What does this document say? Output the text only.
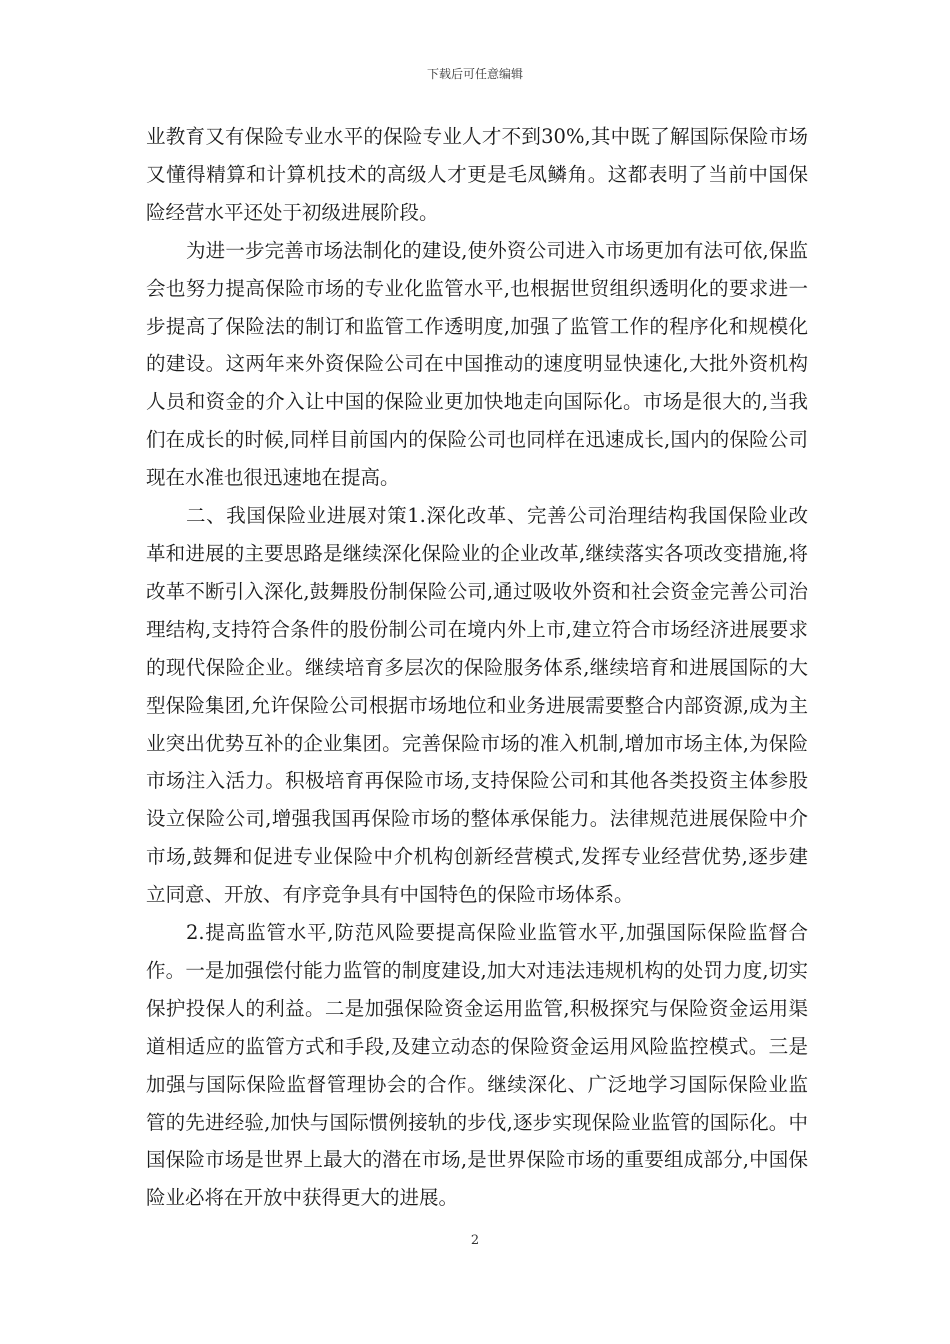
下载后可任意编辑

业教育又有保险专业水平的保险专业人才不到30%,其中既了解国际保险市场又懂得精算和计算机技术的高级人才更是毛凤鳞角。这都表明了当前中国保险经营水平还处于初级进展阶段。

为进一步完善市场法制化的建设,使外资公司进入市场更加有法可依,保监会也努力提高保险市场的专业化监管水平,也根据世贸组织透明化的要求进一步提高了保险法的制订和监管工作透明度,加强了监管工作的程序化和规模化的建设。这两年来外资保险公司在中国推动的速度明显快速化,大批外资机构人员和资金的介入让中国的保险业更加快地走向国际化。市场是很大的,当我们在成长的时候,同样目前国内的保险公司也同样在迅速成长,国内的保险公司现在水准也很迅速地在提高。

二、我国保险业进展对策1.深化改革、完善公司治理结构我国保险业改革和进展的主要思路是继续深化保险业的企业改革,继续落实各项改变措施,将改革不断引入深化,鼓舞股份制保险公司,通过吸收外资和社会资金完善公司治理结构,支持符合条件的股份制公司在境内外上市,建立符合市场经济进展要求的现代保险企业。继续培育多层次的保险服务体系,继续培育和进展国际的大型保险集团,允许保险公司根据市场地位和业务进展需要整合内部资源,成为主业突出优势互补的企业集团。完善保险市场的准入机制,增加市场主体,为保险市场注入活力。积极培育再保险市场,支持保险公司和其他各类投资主体参股设立保险公司,增强我国再保险市场的整体承保能力。法律规范进展保险中介市场,鼓舞和促进专业保险中介机构创新经营模式,发挥专业经营优势,逐步建立同意、开放、有序竞争具有中国特色的保险市场体系。

2.提高监管水平,防范风险要提高保险业监管水平,加强国际保险监督合作。一是加强偿付能力监管的制度建设,加大对违法违规机构的处罚力度,切实保护投保人的利益。二是加强保险资金运用监管,积极探究与保险资金运用渠道相适应的监管方式和手段,及建立动态的保险资金运用风险监控模式。三是加强与国际保险监督管理协会的合作。继续深化、广泛地学习国际保险业监管的先进经验,加快与国际惯例接轨的步伐,逐步实现保险业监管的国际化。中国保险市场是世界上最大的潜在市场,是世界保险市场的重要组成部分,中国保险业必将在开放中获得更大的进展。

2
